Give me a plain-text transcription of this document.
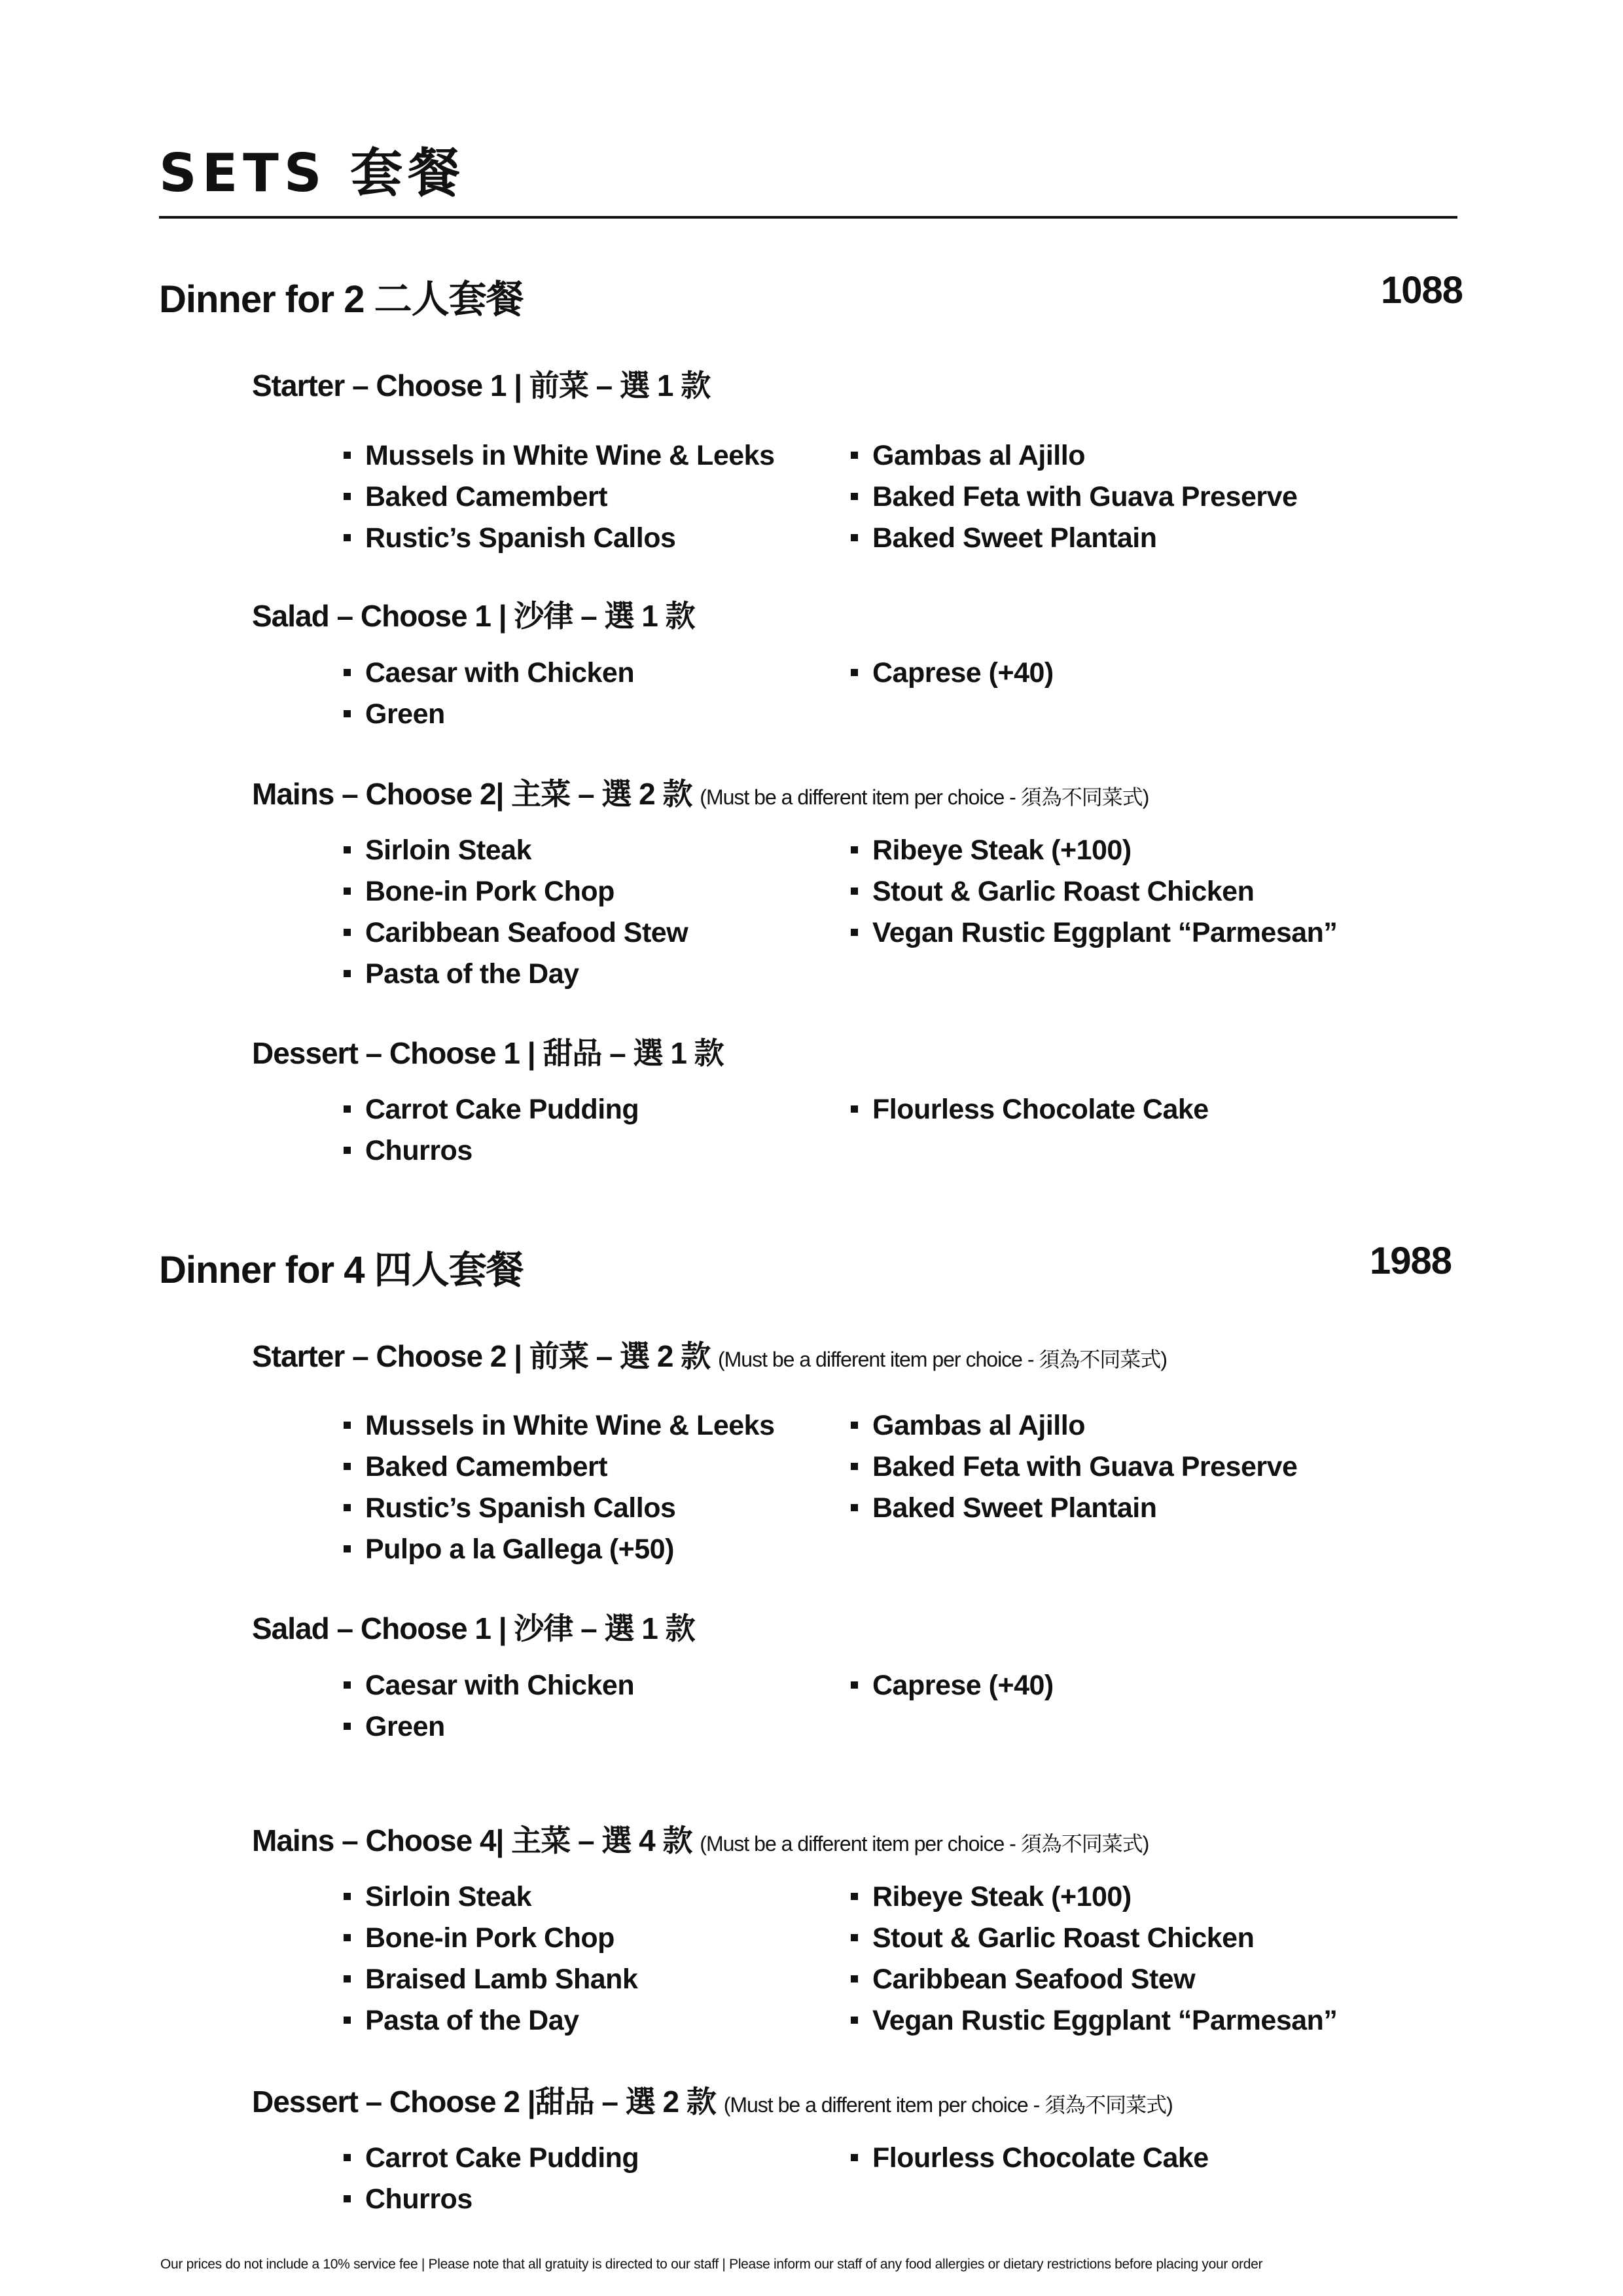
SETS 套餐
Dinner for 2 二人套餐	1088
Starter – Choose 1 | 前菜 – 選 1 款
Mussels in White Wine & Leeks
Baked Camembert
Rustic’s Spanish Callos
Gambas al Ajillo
Baked Feta with Guava Preserve
Baked Sweet Plantain
Salad – Choose 1 | 沙律 – 選 1 款
Caesar with Chicken
Green
Caprese (+40)
Mains – Choose 2| 主菜 – 選 2 款 (Must be a different item per choice - 須為不同菜式)
Sirloin Steak
Bone-in Pork Chop
Caribbean Seafood Stew
Pasta of the Day
Ribeye Steak (+100)
Stout & Garlic Roast Chicken
Vegan Rustic Eggplant “Parmesan”
Dessert – Choose 1 | 甜品 – 選 1 款
Carrot Cake Pudding
Churros
Flourless Chocolate Cake
Dinner for 4 四人套餐	1988
Starter – Choose 2 | 前菜 – 選 2 款 (Must be a different item per choice - 須為不同菜式)
Mussels in White Wine & Leeks
Baked Camembert
Rustic’s Spanish Callos
Pulpo a la Gallega (+50)
Gambas al Ajillo
Baked Feta with Guava Preserve
Baked Sweet Plantain
Salad – Choose 1 | 沙律 – 選 1 款
Caesar with Chicken
Green
Caprese (+40)
Mains – Choose 4| 主菜 – 選 4 款 (Must be a different item per choice - 須為不同菜式)
Sirloin Steak
Bone-in Pork Chop
Braised Lamb Shank
Pasta of the Day
Ribeye Steak (+100)
Stout & Garlic Roast Chicken
Caribbean Seafood Stew
Vegan Rustic Eggplant “Parmesan”
Dessert – Choose 2 |甜品 – 選 2 款 (Must be a different item per choice - 須為不同菜式)
Carrot Cake Pudding
Churros
Flourless Chocolate Cake
Our prices do not include a 10% service fee | Please note that all gratuity is directed to our staff | Please inform our staff of any food allergies or dietary restrictions before placing your order
